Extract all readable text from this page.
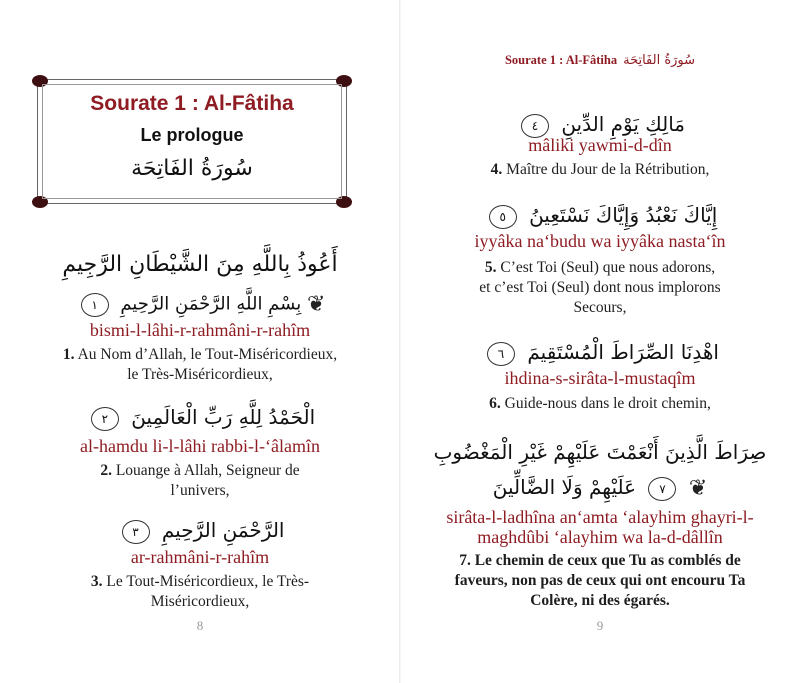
Sourate 1 : Al-Fâtiha
Le prologue
سُورَةُ الفَاتِحَة
أَعُوذُ بِاللَّهِ مِنَ الشَّيْطَانِ الرَّجِيمِ
❦ بِسْمِ اللَّهِ الرَّحْمَنِ الرَّحِيمِ ١
bismi-l-lâhi-r-rahmâni-r-rahîm
1. Au Nom d’Allah, le Tout-Miséricordieux,
le Très-Miséricordieux,
الْحَمْدُ لِلَّهِ رَبِّ الْعَالَمِينَ ٢
al-hamdu li-l-lâhi rabbi-l-‘âlamîn
2. Louange à Allah, Seigneur de
l’univers,
الرَّحْمَنِ الرَّحِيمِ ٣
ar-rahmâni-r-rahîm
3. Le Tout-Miséricordieux, le Très-
Miséricordieux,
8
Sourate 1 : Al-Fâtiha سُورَةُ الفَاتِحَة
مَالِكِ يَوْمِ الدِّينِ ٤
mâliki yawmi-d-dîn
4. Maître du Jour de la Rétribution,
إِيَّاكَ نَعْبُدُ وَإِيَّاكَ نَسْتَعِينُ ٥
iyyâka na‘budu wa iyyâka nasta‘în
5. C’est Toi (Seul) que nous adorons,
et c’est Toi (Seul) dont nous implorons
Secours,
اهْدِنَا الصِّرَاطَ الْمُسْتَقِيمَ ٦
ihdina-s-sirâta-l-mustaqîm
6. Guide-nous dans le droit chemin,
صِرَاطَ الَّذِينَ أَنْعَمْتَ عَلَيْهِمْ غَيْرِ الْمَغْضُوبِ
❦ ٧ عَلَيْهِمْ وَلَا الضَّالِّينَ
sirâta-l-ladhîna an‘amta ‘alayhim ghayri-l-
maghdûbi ‘alayhim wa la-d-dâllîn
7. Le chemin de ceux que Tu as comblés de
faveurs, non pas de ceux qui ont encouru Ta
Colère, ni des égarés.
9
